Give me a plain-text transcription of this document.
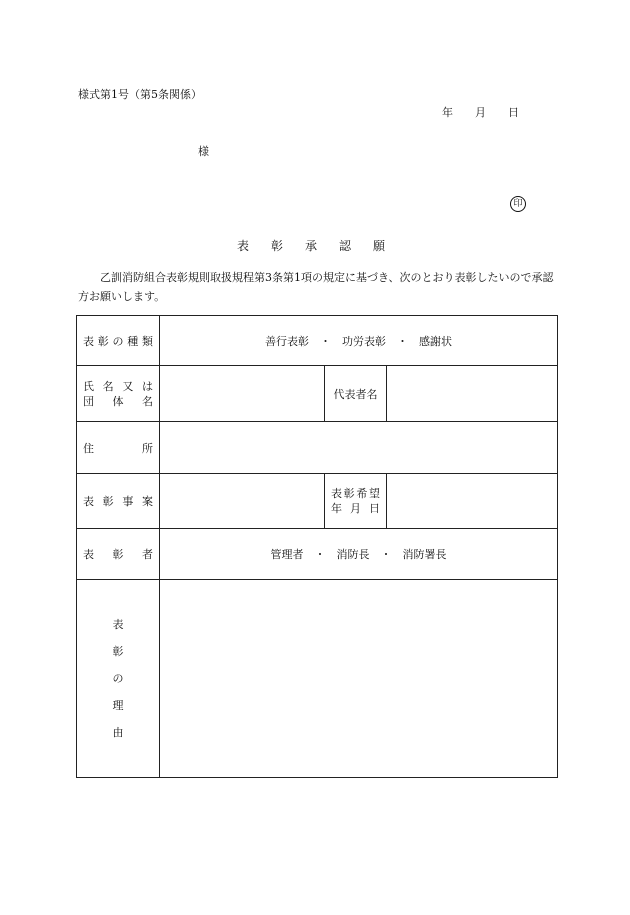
様式第1号（第5条関係）
年 月 日
様
印
表彰承認願
乙訓消防組合表彰規則取扱規程第3条第1項の規定に基づき、次のとおり表彰したいので承認方お願いします。
表彰の種類	善行表彰　・　功労表彰　・　感謝状		

氏名又は
団体名		代表者名	

住所			

表彰事案		表彰希望
年月日	

表彰者	管理者　・　消防長　・　消防署長		

表
彰
の
理
由			
